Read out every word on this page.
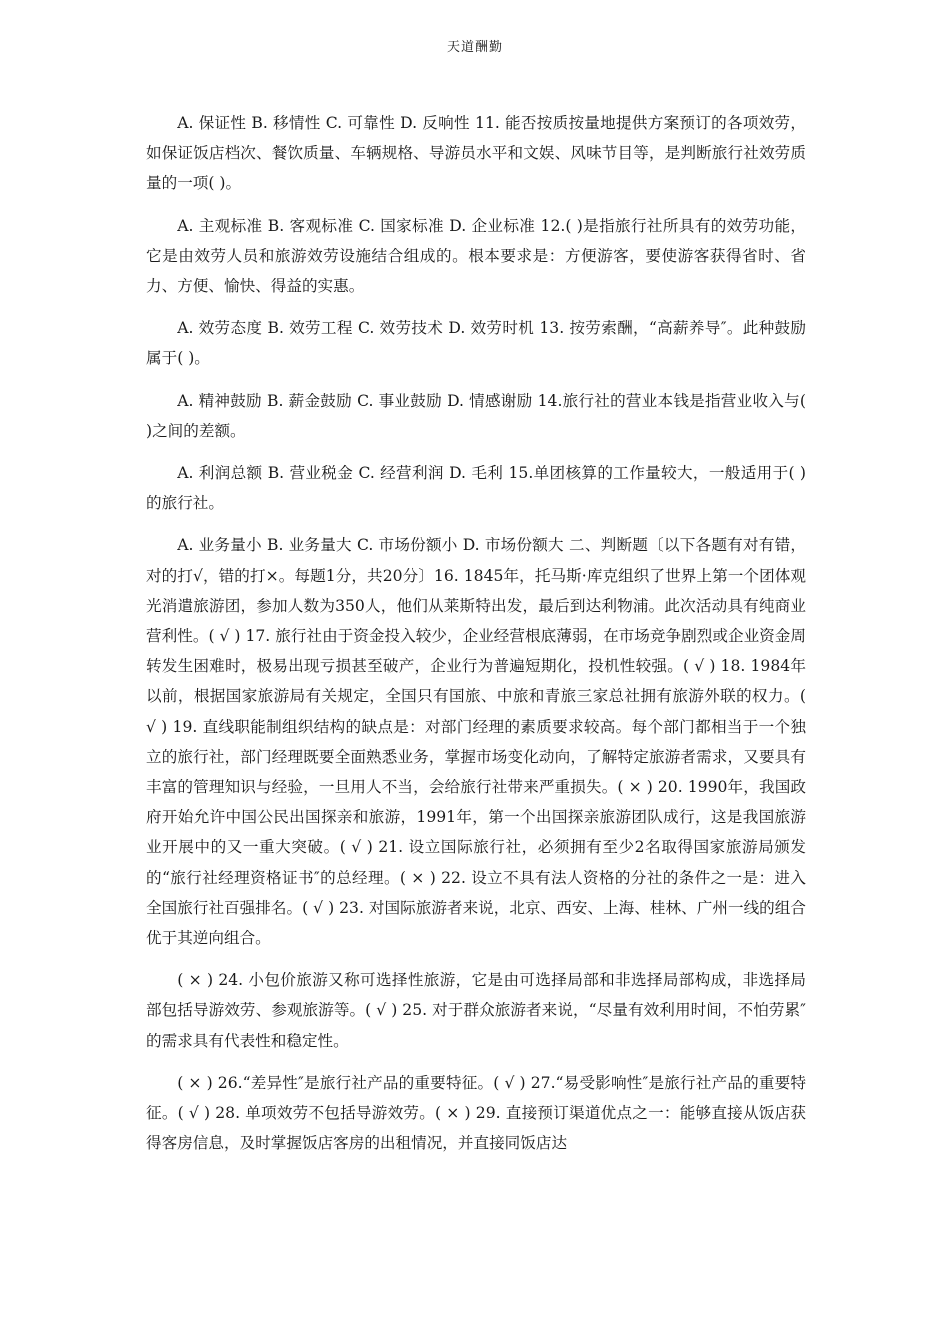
天道酬勤

A. 保证性 B. 移情性 C. 可靠性 D. 反响性 11. 能否按质按量地提供方案预订的各项效劳，如保证饭店档次、餐饮质量、车辆规格、导游员水平和文娱、风味节目等，是判断旅行社效劳质量的一项( )。

A. 主观标准 B. 客观标准 C. 国家标准 D. 企业标准 12.( )是指旅行社所具有的效劳功能，它是由效劳人员和旅游效劳设施结合组成的。根本要求是：方便游客，要使游客获得省时、省力、方便、愉快、得益的实惠。

A. 效劳态度 B. 效劳工程 C. 效劳技术 D. 效劳时机 13. 按劳索酬，“高薪养导″。此种鼓励属于( )。

A. 精神鼓励 B. 薪金鼓励 C. 事业鼓励 D. 情感谢励 14.旅行社的营业本钱是指营业收入与( )之间的差额。

A. 利润总额 B. 营业税金 C. 经营利润 D. 毛利 15.单团核算的工作量较大，一般适用于( )的旅行社。

A. 业务量小 B. 业务量大 C. 市场份额小 D. 市场份额大 二、判断题〔以下各题有对有错，对的打√，错的打×。每题1分，共20分〕16. 1845年，托马斯·库克组织了世界上第一个团体观光消遣旅游团，参加人数为350人，他们从莱斯特出发，最后到达利物浦。此次活动具有纯商业营利性。( √ ) 17. 旅行社由于资金投入较少，企业经营根底薄弱，在市场竞争剧烈或企业资金周转发生困难时，极易出现亏损甚至破产，企业行为普遍短期化，投机性较强。( √ ) 18. 1984年以前，根据国家旅游局有关规定，全国只有国旅、中旅和青旅三家总社拥有旅游外联的权力。( √ ) 19. 直线职能制组织结构的缺点是：对部门经理的素质要求较高。每个部门都相当于一个独立的旅行社，部门经理既要全面熟悉业务，掌握市场变化动向，了解特定旅游者需求，又要具有丰富的管理知识与经验，一旦用人不当，会给旅行社带来严重损失。( × ) 20. 1990年，我国政府开始允许中国公民出国探亲和旅游，1991年，第一个出国探亲旅游团队成行，这是我国旅游业开展中的又一重大突破。( √ ) 21. 设立国际旅行社，必须拥有至少2名取得国家旅游局颁发的“旅行社经理资格证书″的总经理。( × ) 22. 设立不具有法人资格的分社的条件之一是：进入全国旅行社百强排名。( √ ) 23. 对国际旅游者来说，北京、西安、上海、桂林、广州一线的组合优于其逆向组合。

( × ) 24. 小包价旅游又称可选择性旅游，它是由可选择局部和非选择局部构成，非选择局部包括导游效劳、参观旅游等。( √ ) 25. 对于群众旅游者来说，“尽量有效利用时间，不怕劳累″的需求具有代表性和稳定性。

( × ) 26.“差异性″是旅行社产品的重要特征。( √ ) 27.“易受影响性″是旅行社产品的重要特征。( √ ) 28. 单项效劳不包括导游效劳。( × ) 29. 直接预订渠道优点之一：能够直接从饭店获得客房信息，及时掌握饭店客房的出租情况，并直接同饭店达
